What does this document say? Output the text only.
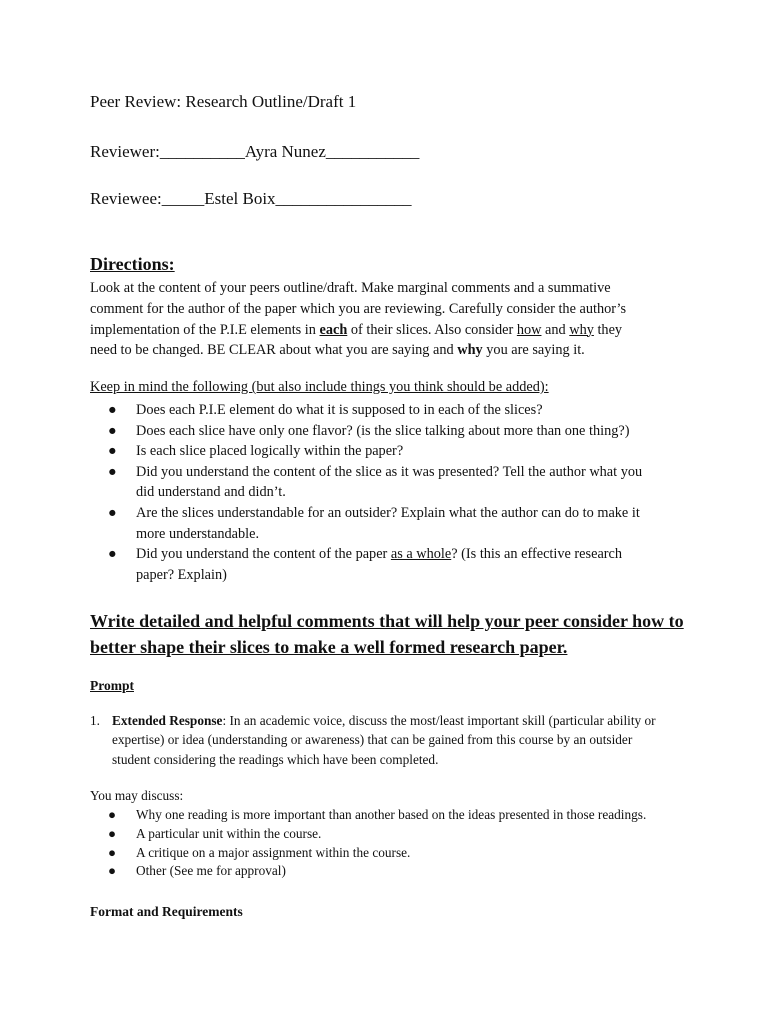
Peer Review: Research Outline/Draft 1
Reviewer:__________Ayra Nunez___________
Reviewee:_____Estel Boix________________
Directions:
Look at the content of your peers outline/draft. Make marginal comments and a summative
comment for the author of the paper which you are reviewing. Carefully consider the author’s
implementation of the P.I.E elements in each of their slices. Also consider how and why they
need to be changed. BE CLEAR about what you are saying and why you are saying it.
Keep in mind the following (but also include things you think should be added):
● Does each P.I.E element do what it is supposed to in each of the slices?
● Does each slice have only one flavor? (is the slice talking about more than one thing?)
● Is each slice placed logically within the paper?
● Did you understand the content of the slice as it was presented? Tell the author what you
did understand and didn’t.
● Are the slices understandable for an outsider? Explain what the author can do to make it
more understandable.
● Did you understand the content of the paper as a whole? (Is this an effective research
paper? Explain)
Write detailed and helpful comments that will help your peer consider how to
better shape their slices to make a well formed research paper.
Prompt
1. Extended Response: In an academic voice, discuss the most/least important skill (particular ability or
expertise) or idea (understanding or awareness) that can be gained from this course by an outsider
student considering the readings which have been completed.
You may discuss:
● Why one reading is more important than another based on the ideas presented in those readings.
● A particular unit within the course.
● A critique on a major assignment within the course.
● Other (See me for approval)
Format and Requirements
